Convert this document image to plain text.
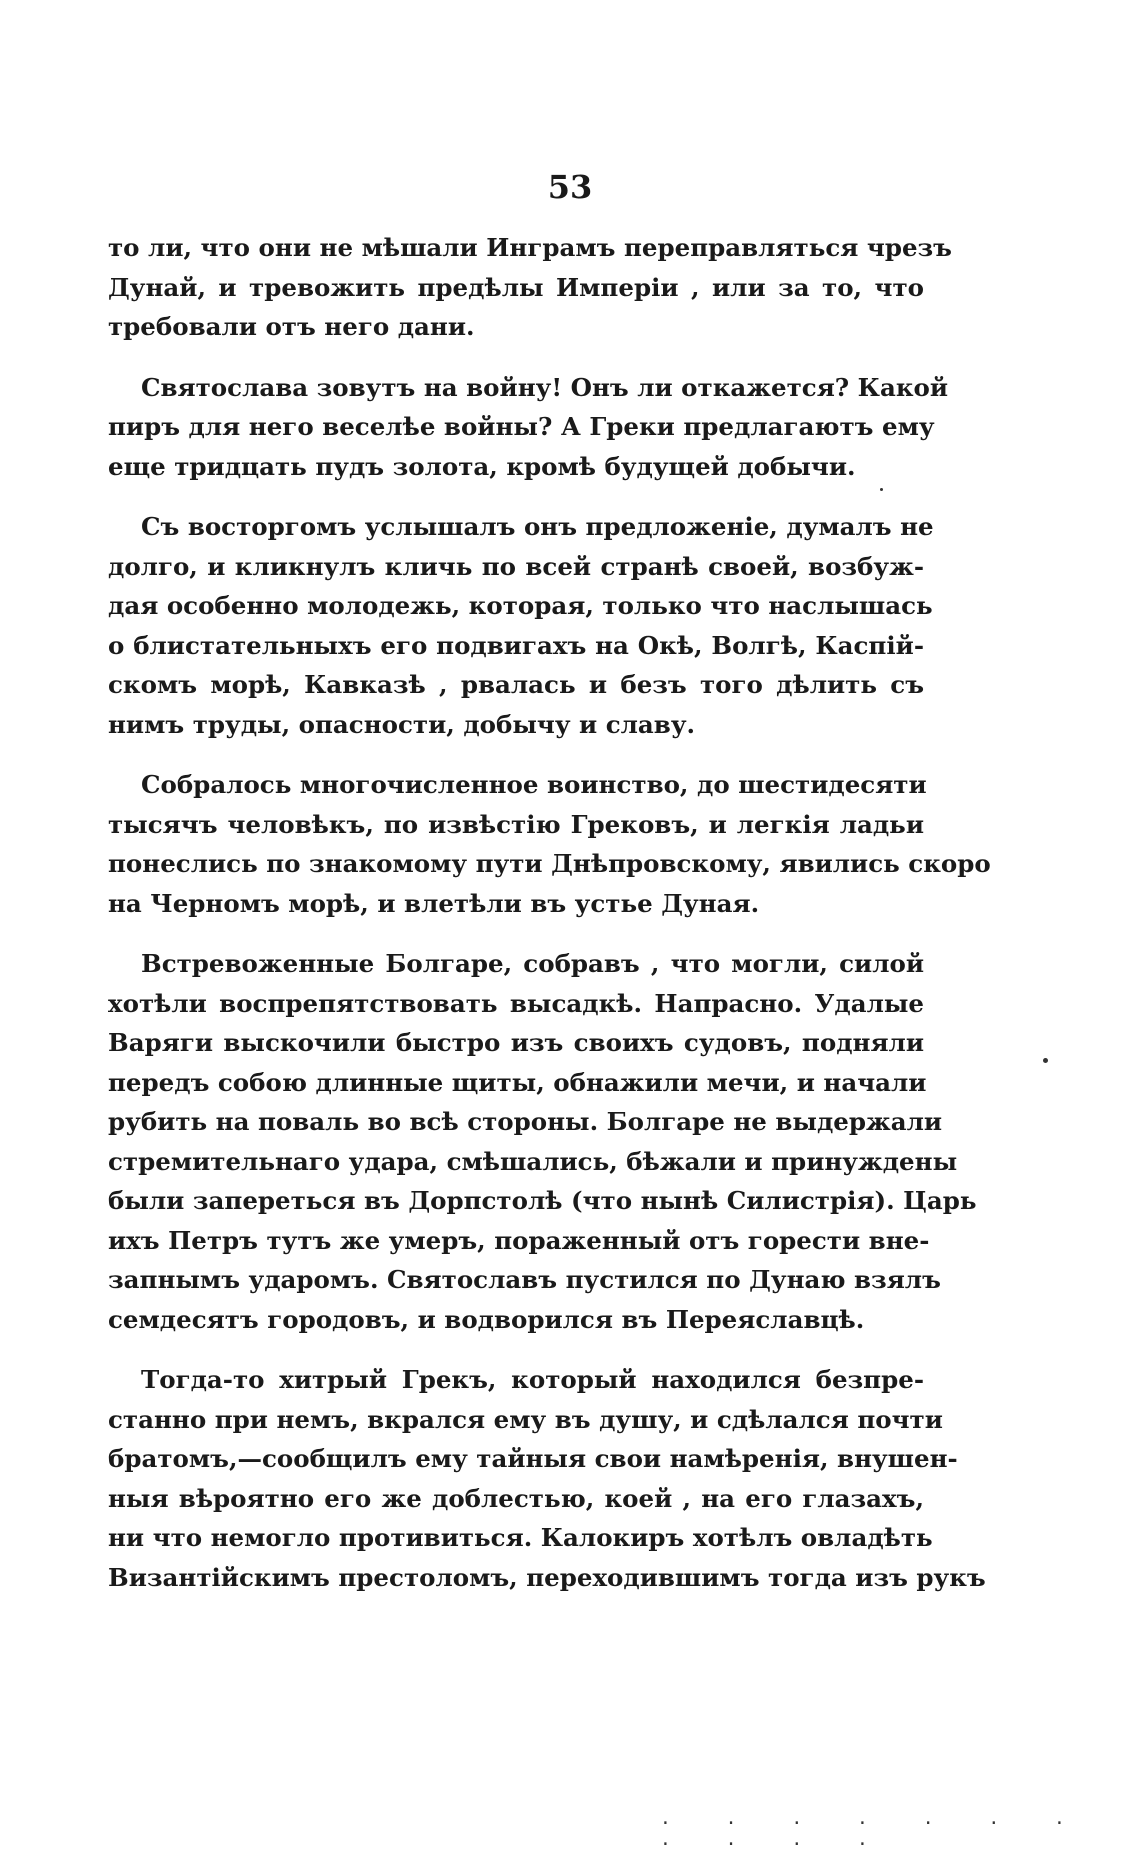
53
то ли, что они не мѣшали Инграмъ переправляться чрезъ
Дунай, и тревожить предѣлы Имперіи , или за то, что
требовали отъ него дани.
Святослава зовутъ на войну! Онъ ли откажется? Какой
пиръ для него веселѣе войны? А Греки предлагаютъ ему
еще тридцать пудъ золота, кромѣ будущей добычи.
Съ восторгомъ услышалъ онъ предложеніе, думалъ не
долго, и кликнулъ кличь по всей странѣ своей, возбуж-
дая особенно молодежь, которая, только что наслышась
о блистательныхъ его подвигахъ на Окѣ, Волгѣ, Каспій-
скомъ морѣ, Кавказѣ , рвалась и безъ того дѣлить съ
нимъ труды, опасности, добычу и славу.
Собралось многочисленное воинство, до шестидесяти
тысячъ человѣкъ, по извѣстію Грековъ, и легкія ладьи
понеслись по знакомому пути Днѣпровскому, явились скоро
на Черномъ морѣ, и влетѣли въ устье Дуная.
Встревоженные Болгаре, собравъ , что могли, силой
хотѣли воспрепятствовать высадкѣ. Напрасно. Удалые
Варяги выскочили быстро изъ своихъ судовъ, подняли
передъ собою длинные щиты, обнажили мечи, и начали
рубить на поваль во всѣ стороны. Болгаре не выдержали
стремительнаго удара, смѣшались, бѣжали и принуждены
были запереться въ Дорпстолѣ (что нынѣ Силистрія). Царь
ихъ Петръ тутъ же умеръ, пораженный отъ горести вне-
запнымъ ударомъ. Святославъ пустился по Дунаю взялъ
семдесятъ городовъ, и водворился въ Переяславцѣ.
Тогда-то хитрый Грекъ, который находился безпре-
станно при немъ, вкрался ему въ душу, и сдѣлался почти
братомъ,—сообщилъ ему тайныя свои намѣренія, внушен-
ныя вѣроятно его же доблестью, коей , на его глазахъ,
ни что немогло противиться. Калокиръ хотѣлъ овладѣть
Византійскимъ престоломъ, переходившимъ тогда изъ рукъ
. . . . . . . . . . .
